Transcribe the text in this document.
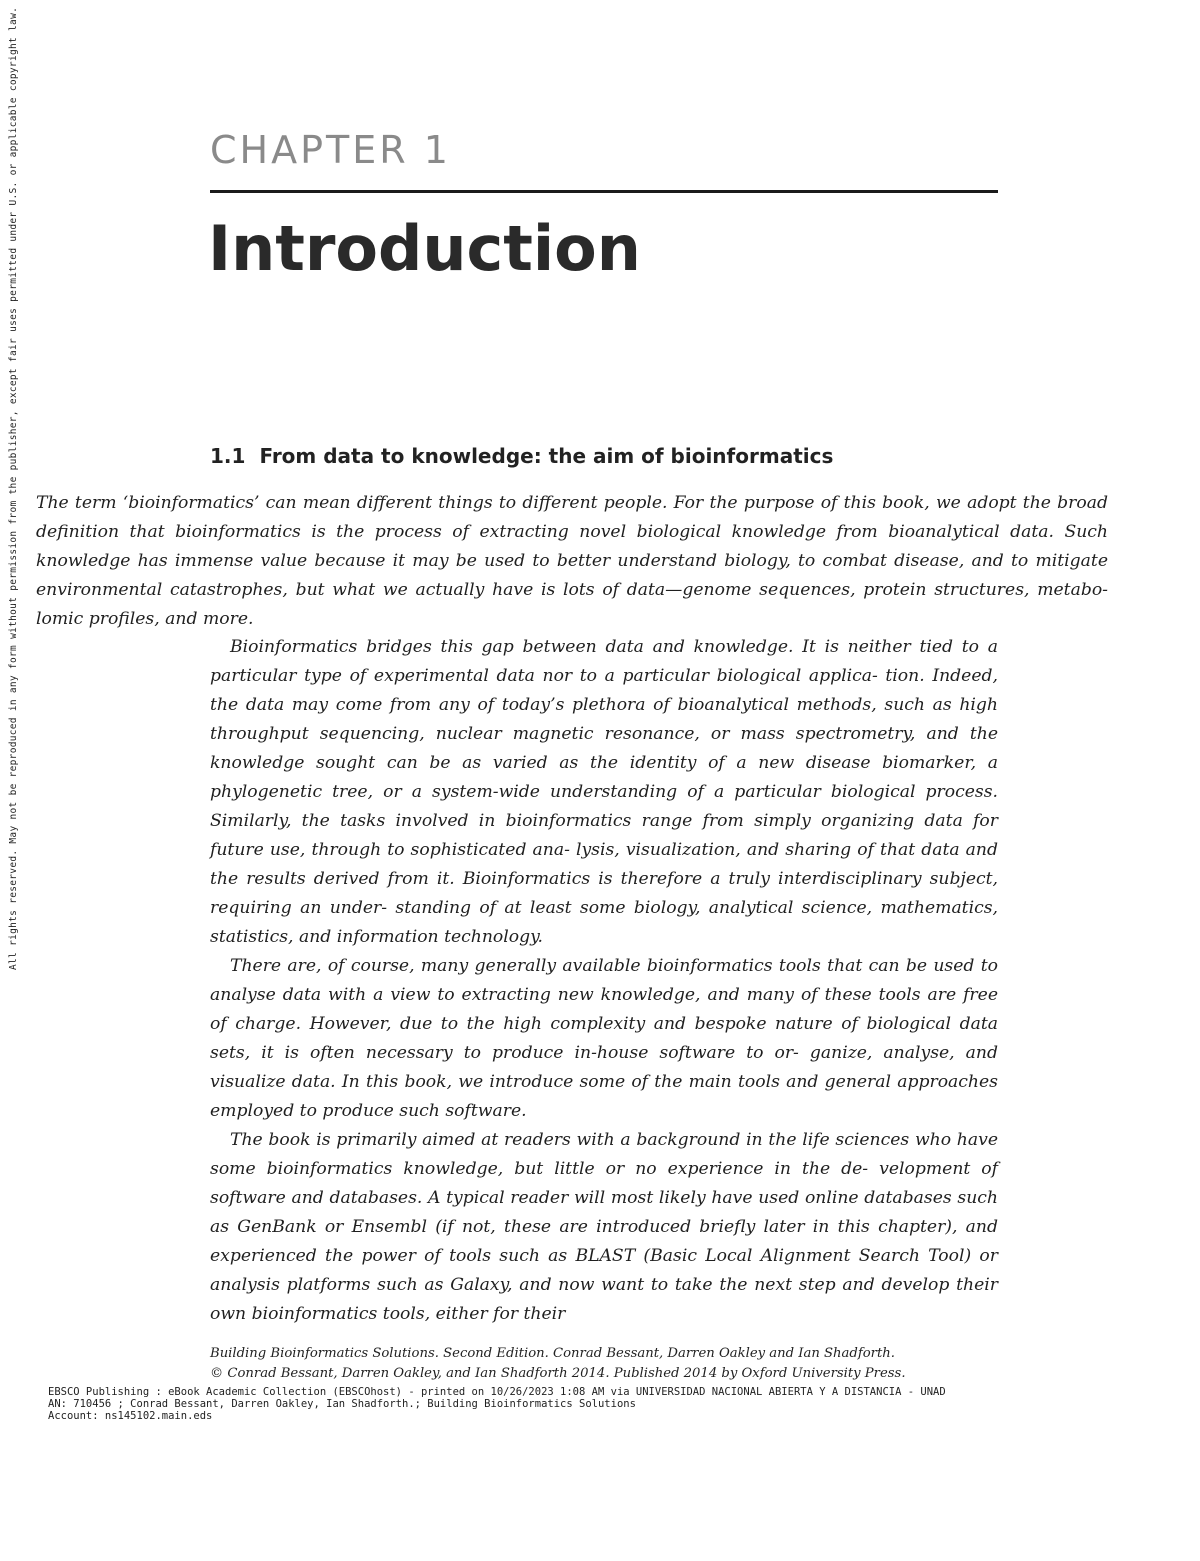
All rights reserved. May not be reproduced in any form without permission from the publisher, except fair uses permitted under U.S. or applicable copyright law.	CHAPTER 1
Introduction
1.1 From data to knowledge: the aim of bioinformatics

The term ‘bioinformatics’ can mean different things to different people. For the purpose of this book, we adopt the broad definition that bioinformatics is the process of extracting novel biological knowledge from bioanalytical data. Such knowledge has immense value because it may be used to better understand biology, to combat disease, and to mitigate environmental catastrophes, but what we actually have is lots of data—genome sequences, protein structures, metabo- lomic profiles, and more.

Bioinformatics bridges this gap between data and knowledge. It is neither tied to a particular type of experimental data nor to a particular biological applica- tion. Indeed, the data may come from any of today’s plethora of bioanalytical methods, such as high throughput sequencing, nuclear magnetic resonance, or mass spectrometry, and the knowledge sought can be as varied as the identity of a new disease biomarker, a phylogenetic tree, or a system-wide understanding of a particular biological process. Similarly, the tasks involved in bioinformatics range from simply organizing data for future use, through to sophisticated ana- lysis, visualization, and sharing of that data and the results derived from it. Bioinformatics is therefore a truly interdisciplinary subject, requiring an under- standing of at least some biology, analytical science, mathematics, statistics, and information technology.

There are, of course, many generally available bioinformatics tools that can be used to analyse data with a view to extracting new knowledge, and many of these tools are free of charge. However, due to the high complexity and bespoke nature of biological data sets, it is often necessary to produce in-house software to or- ganize, analyse, and visualize data. In this book, we introduce some of the main tools and general approaches employed to produce such software.

The book is primarily aimed at readers with a background in the life sciences who have some bioinformatics knowledge, but little or no experience in the de- velopment of software and databases. A typical reader will most likely have used online databases such as GenBank or Ensembl (if not, these are introduced briefly later in this chapter), and experienced the power of tools such as BLAST (Basic Local Alignment Search Tool) or analysis platforms such as Galaxy, and now want to take the next step and develop their own bioinformatics tools, either for their

Building Bioinformatics Solutions. Second Edition. Conrad Bessant, Darren Oakley and Ian Shadforth.
© Conrad Bessant, Darren Oakley, and Ian Shadforth 2014. Published 2014 by Oxford University Press.
EBSCO Publishing : eBook Academic Collection (EBSCOhost) - printed on 10/26/2023 1:08 AM via UNIVERSIDAD NACIONAL ABIERTA Y A DISTANCIA - UNAD
AN: 710456 ; Conrad Bessant, Darren Oakley, Ian Shadforth.; Building Bioinformatics Solutions
Account: ns145102.main.eds
